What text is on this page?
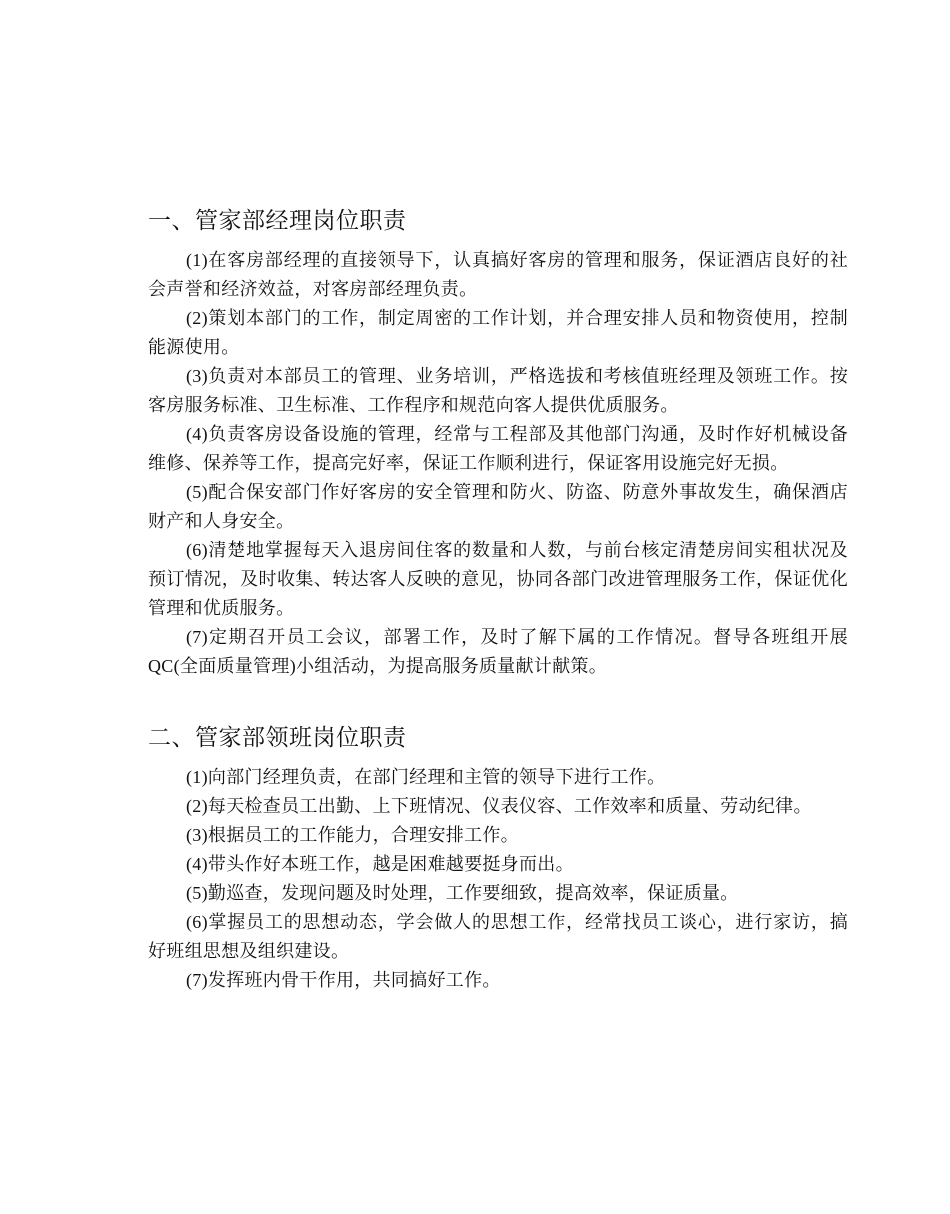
一、管家部经理岗位职责

(1)在客房部经理的直接领导下，认真搞好客房的管理和服务，保证酒店良好的社会声誉和经济效益，对客房部经理负责。

(2)策划本部门的工作，制定周密的工作计划，并合理安排人员和物资使用，控制能源使用。

(3)负责对本部员工的管理、业务培训，严格选拔和考核值班经理及领班工作。按客房服务标准、卫生标准、工作程序和规范向客人提供优质服务。

(4)负责客房设备设施的管理，经常与工程部及其他部门沟通，及时作好机械设备维修、保养等工作，提高完好率，保证工作顺利进行，保证客用设施完好无损。

(5)配合保安部门作好客房的安全管理和防火、防盗、防意外事故发生，确保酒店财产和人身安全。

(6)清楚地掌握每天入退房间住客的数量和人数，与前台核定清楚房间实租状况及预订情况，及时收集、转达客人反映的意见，协同各部门改进管理服务工作，保证优化管理和优质服务。

(7)定期召开员工会议，部署工作，及时了解下属的工作情况。督导各班组开展 QC(全面质量管理)小组活动，为提高服务质量献计献策。

二、管家部领班岗位职责

(1)向部门经理负责，在部门经理和主管的领导下进行工作。

(2)每天检查员工出勤、上下班情况、仪表仪容、工作效率和质量、劳动纪律。

(3)根据员工的工作能力，合理安排工作。

(4)带头作好本班工作，越是困难越要挺身而出。

(5)勤巡查，发现问题及时处理，工作要细致，提高效率，保证质量。

(6)掌握员工的思想动态，学会做人的思想工作，经常找员工谈心，进行家访，搞好班组思想及组织建设。

(7)发挥班内骨干作用，共同搞好工作。
